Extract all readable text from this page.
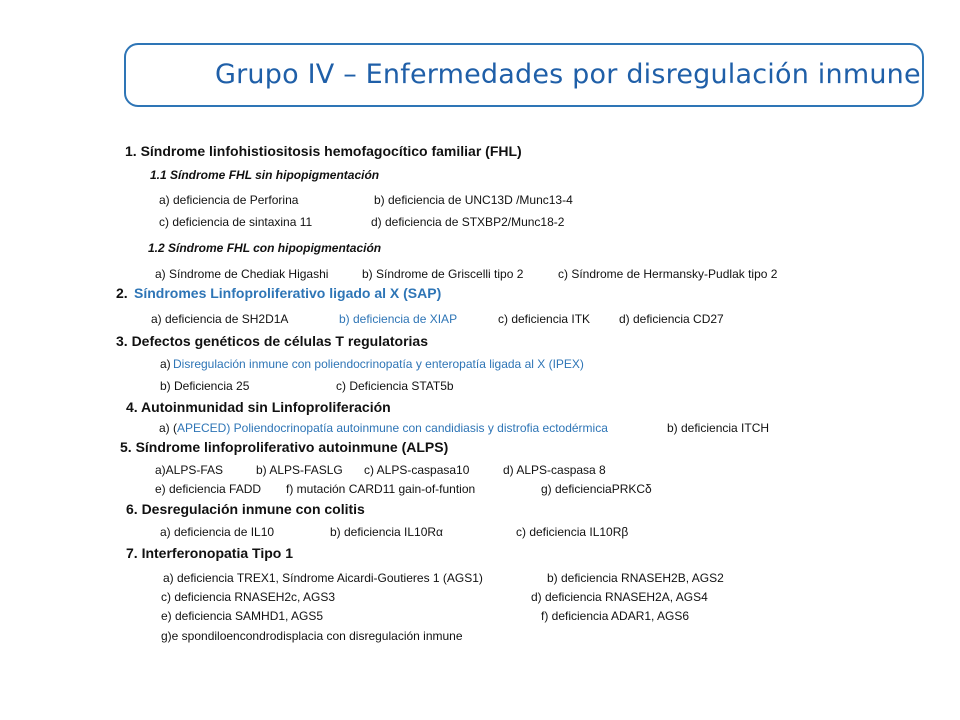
Grupo IV – Enfermedades por disregulación inmune
1. Síndrome linfohistiositosis hemofagocítico familiar (FHL)
1.1 Síndrome FHL sin hipopigmentación
a) deficiencia de Perforina	b) deficiencia de UNC13D /Munc13-4
c) deficiencia de sintaxina 11	d) deficiencia de STXBP2/Munc18-2
1.2 Síndrome FHL con hipopigmentación
a) Síndrome de Chediak Higashi	b) Síndrome de Griscelli tipo 2	c) Síndrome de Hermansky-Pudlak tipo 2
2. Síndromes Linfoproliferativo ligado al X (SAP)
a) deficiencia de SH2D1A	b) deficiencia de XIAP	c) deficiencia ITK d) deficiencia CD27
3. Defectos genéticos de células T regulatorias
a) Disregulación inmune con poliendocrinopatía y enteropatía ligada al X (IPEX)
b) Deficiencia 25	c) Deficiencia STAT5b
4. Autoinmunidad sin Linfoproliferación
a) ( APECED) Poliendocrinopatía autoinmune con candidiasis y distrofia ectodérmica	b) deficiencia ITCH
5. Síndrome linfoproliferativo autoinmune (ALPS)
a)ALPS-FAS	b) ALPS-FASLG c) ALPS-caspasa10	d) ALPS-caspasa 8
e) deficiencia FADD f) mutación CARD11 gain-of-funtion	g) deficienciaPRKCδ
6. Desregulación inmune con colitis
a) deficiencia de IL10	b) deficiencia IL10Rα	c) deficiencia IL10Rβ
7. Interferonopatia Tipo 1
a) deficiencia TREX1, Síndrome Aicardi-Goutieres 1 (AGS1)	b) deficiencia RNASEH2B, AGS2
c) deficiencia RNASEH2c, AGS3	d) deficiencia RNASEH2A, AGS4
e) deficiencia SAMHD1, AGS5	f) deficiencia ADAR1, AGS6
g)e spondiloencondrodisplacia con disregulación inmune
